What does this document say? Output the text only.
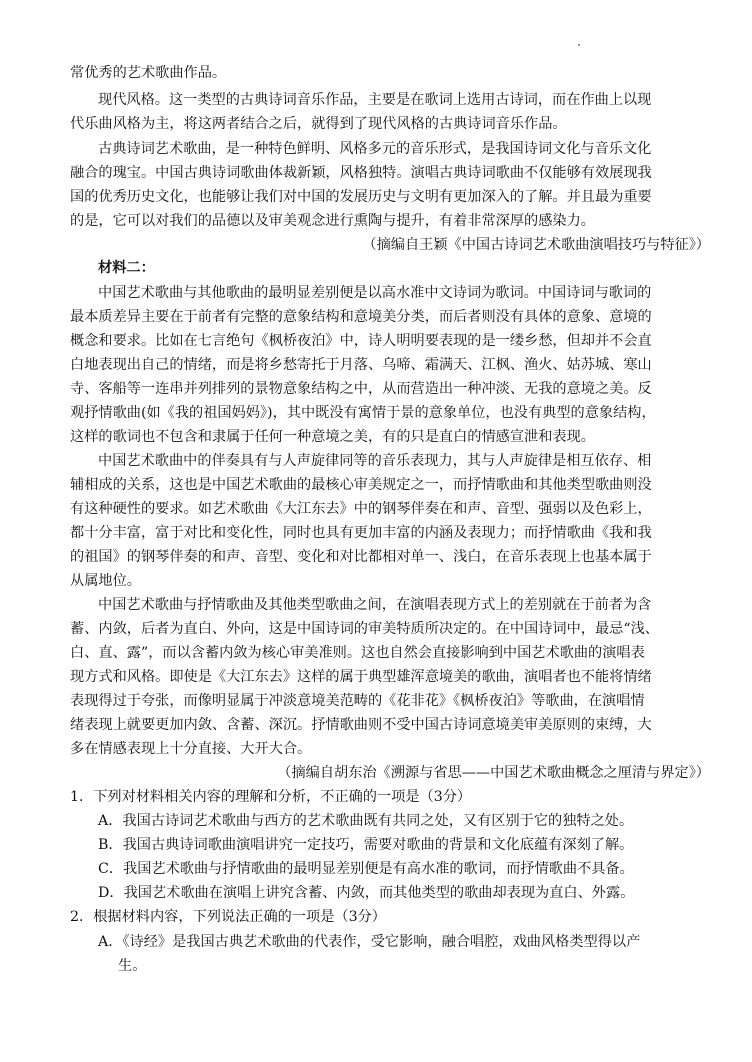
常优秀的艺术歌曲作品。
现代风格。这一类型的古典诗词音乐作品，主要是在歌词上选用古诗词，而在作曲上以现
代乐曲风格为主，将这两者结合之后，就得到了现代风格的古典诗词音乐作品。
古典诗词艺术歌曲，是一种特色鲜明、风格多元的音乐形式，是我国诗词文化与音乐文化
融合的瑰宝。中国古典诗词歌曲体裁新颖，风格独特。演唱古典诗词歌曲不仅能够有效展现我
国的优秀历史文化，也能够让我们对中国的发展历史与文明有更加深入的了解。并且最为重要
的是，它可以对我们的品德以及审美观念进行熏陶与提升，有着非常深厚的感染力。
（摘编自王颖《中国古诗词艺术歌曲演唱技巧与特征》）
材料二：
中国艺术歌曲与其他歌曲的最明显差别便是以高水准中文诗词为歌词。中国诗词与歌词的
最本质差异主要在于前者有完整的意象结构和意境美分类，而后者则没有具体的意象、意境的
概念和要求。比如在七言绝句《枫桥夜泊》中，诗人明明要表现的是一缕乡愁，但却并不会直
白地表现出自己的情绪，而是将乡愁寄托于月落、乌啼、霜满天、江枫、渔火、姑苏城、寒山
寺、客船等一连串并列排列的景物意象结构之中，从而营造出一种冲淡、无我的意境之美。反
观抒情歌曲(如《我的祖国妈妈》)，其中既没有寓情于景的意象单位，也没有典型的意象结构，
这样的歌词也不包含和隶属于任何一种意境之美，有的只是直白的情感宣泄和表现。
中国艺术歌曲中的伴奏具有与人声旋律同等的音乐表现力，其与人声旋律是相互依存、相
辅相成的关系，这也是中国艺术歌曲的最核心审美规定之一，而抒情歌曲和其他类型歌曲则没
有这种硬性的要求。如艺术歌曲《大江东去》中的钢琴伴奏在和声、音型、强弱以及色彩上，
都十分丰富，富于对比和变化性，同时也具有更加丰富的内涵及表现力；而抒情歌曲《我和我
的祖国》的钢琴伴奏的和声、音型、变化和对比都相对单一、浅白，在音乐表现上也基本属于
从属地位。
中国艺术歌曲与抒情歌曲及其他类型歌曲之间，在演唱表现方式上的差别就在于前者为含
蓄、内敛，后者为直白、外向，这是中国诗词的审美特质所决定的。在中国诗词中，最忌“浅、
白、直、露”，而以含蓄内敛为核心审美准则。这也自然会直接影响到中国艺术歌曲的演唱表
现方式和风格。即使是《大江东去》这样的属于典型雄浑意境美的歌曲，演唱者也不能将情绪
表现得过于夸张，而像明显属于冲淡意境美范畴的《花非花》《枫桥夜泊》等歌曲，在演唱情
绪表现上就要更加内敛、含蓄、深沉。抒情歌曲则不受中国古诗词意境美审美原则的束缚，大
多在情感表现上十分直接、大开大合。
（摘编自胡东治《溯源与省思——中国艺术歌曲概念之厘清与界定》）
1．下列对材料相关内容的理解和分析，不正确的一项是（3分）
A．我国古诗词艺术歌曲与西方的艺术歌曲既有共同之处，又有区别于它的独特之处。
B．我国古典诗词歌曲演唱讲究一定技巧，需要对歌曲的背景和文化底蕴有深刻了解。
C．我国艺术歌曲与抒情歌曲的最明显差别便是有高水准的歌词，而抒情歌曲不具备。
D．我国艺术歌曲在演唱上讲究含蓄、内敛，而其他类型的歌曲却表现为直白、外露。
2．根据材料内容，下列说法正确的一项是（3分）
A．《诗经》是我国古典艺术歌曲的代表作，受它影响，融合唱腔，戏曲风格类型得以产
生。
